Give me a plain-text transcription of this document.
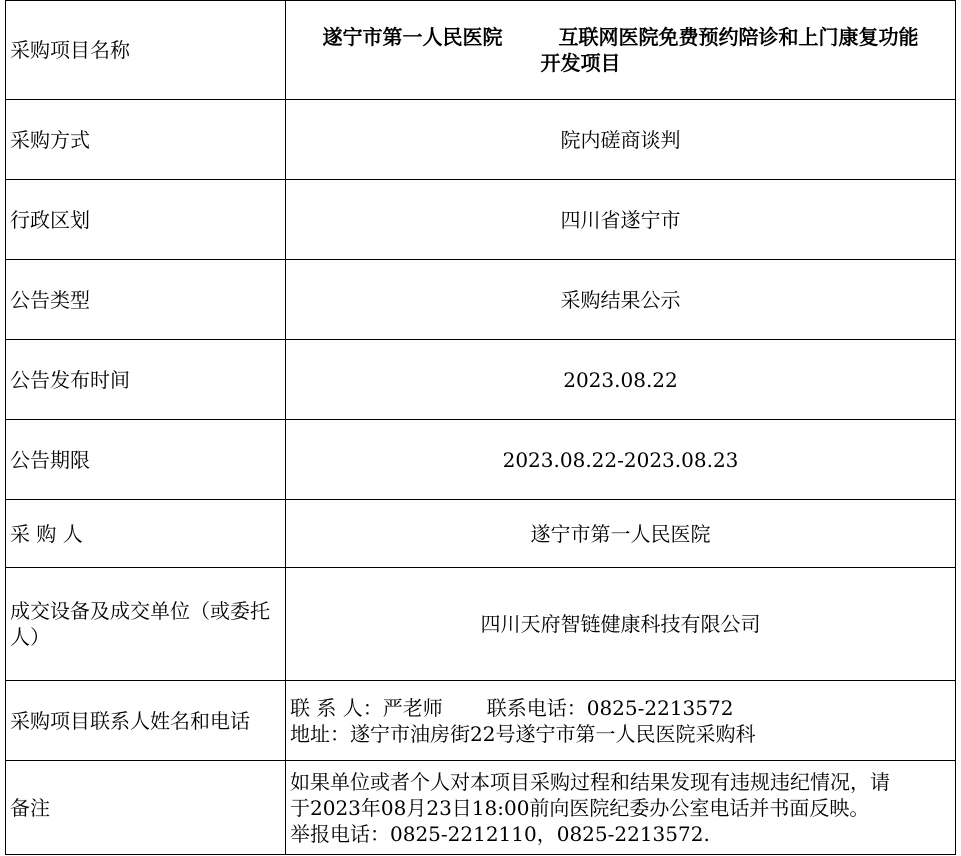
采购项目名称	遂宁市第一人民医院 互联网医院免费预约陪诊和上门康复功能
开发项目

采购方式	院内磋商谈判
行政区划	四川省遂宁市
公告类型	采购结果公示
公告发布时间	2023.08.22
公告期限	2023.08.22-2023.08.23
采 购 人	遂宁市第一人民医院
成交设备及成交单位（或委托人）	四川天府智链健康科技有限公司
采购项目联系人姓名和电话	联 系 人：严老师 联系电话：0825-2213572
地址：遂宁市油房街22号遂宁市第一人民医院采购科

备注	如果单位或者个人对本项目采购过程和结果发现有违规违纪情况，请
于2023年08月23日18:00前向医院纪委办公室电话并书面反映。
举报电话：0825-2212110，0825-2213572.
